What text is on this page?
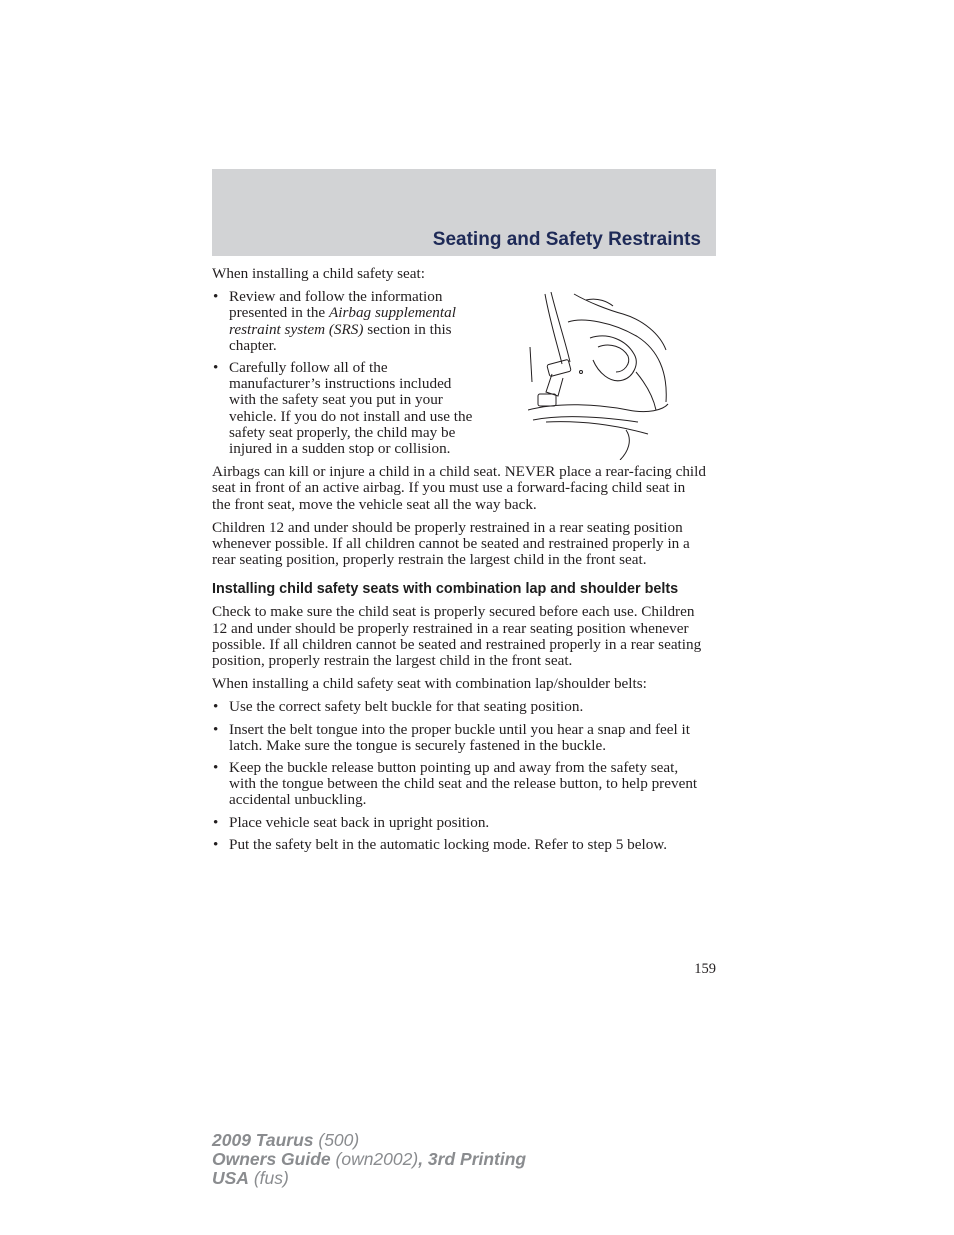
Seating and Safety Restraints

When installing a child safety seat:

• Review and follow the information presented in the Airbag supplemental restraint system (SRS) section in this chapter.
• Carefully follow all of the manufacturer’s instructions included with the safety seat you put in your vehicle. If you do not install and use the safety seat properly, the child may be injured in a sudden stop or collision.

Airbags can kill or injure a child in a child seat. NEVER place a rear-facing child seat in front of an active airbag. If you must use a forward-facing child seat in the front seat, move the vehicle seat all the way back.

Children 12 and under should be properly restrained in a rear seating position whenever possible. If all children cannot be seated and restrained properly in a rear seating position, properly restrain the largest child in the front seat.

Installing child safety seats with combination lap and shoulder belts

Check to make sure the child seat is properly secured before each use. Children 12 and under should be properly restrained in a rear seating position whenever possible. If all children cannot be seated and restrained properly in a rear seating position, properly restrain the largest child in the front seat.

When installing a child safety seat with combination lap/shoulder belts:

• Use the correct safety belt buckle for that seating position.
• Insert the belt tongue into the proper buckle until you hear a snap and feel it latch. Make sure the tongue is securely fastened in the buckle.
• Keep the buckle release button pointing up and away from the safety seat, with the tongue between the child seat and the release button, to help prevent accidental unbuckling.
• Place vehicle seat back in upright position.
• Put the safety belt in the automatic locking mode. Refer to step 5 below.
159
2009 Taurus (500)
Owners Guide (own2002), 3rd Printing
USA (fus)
